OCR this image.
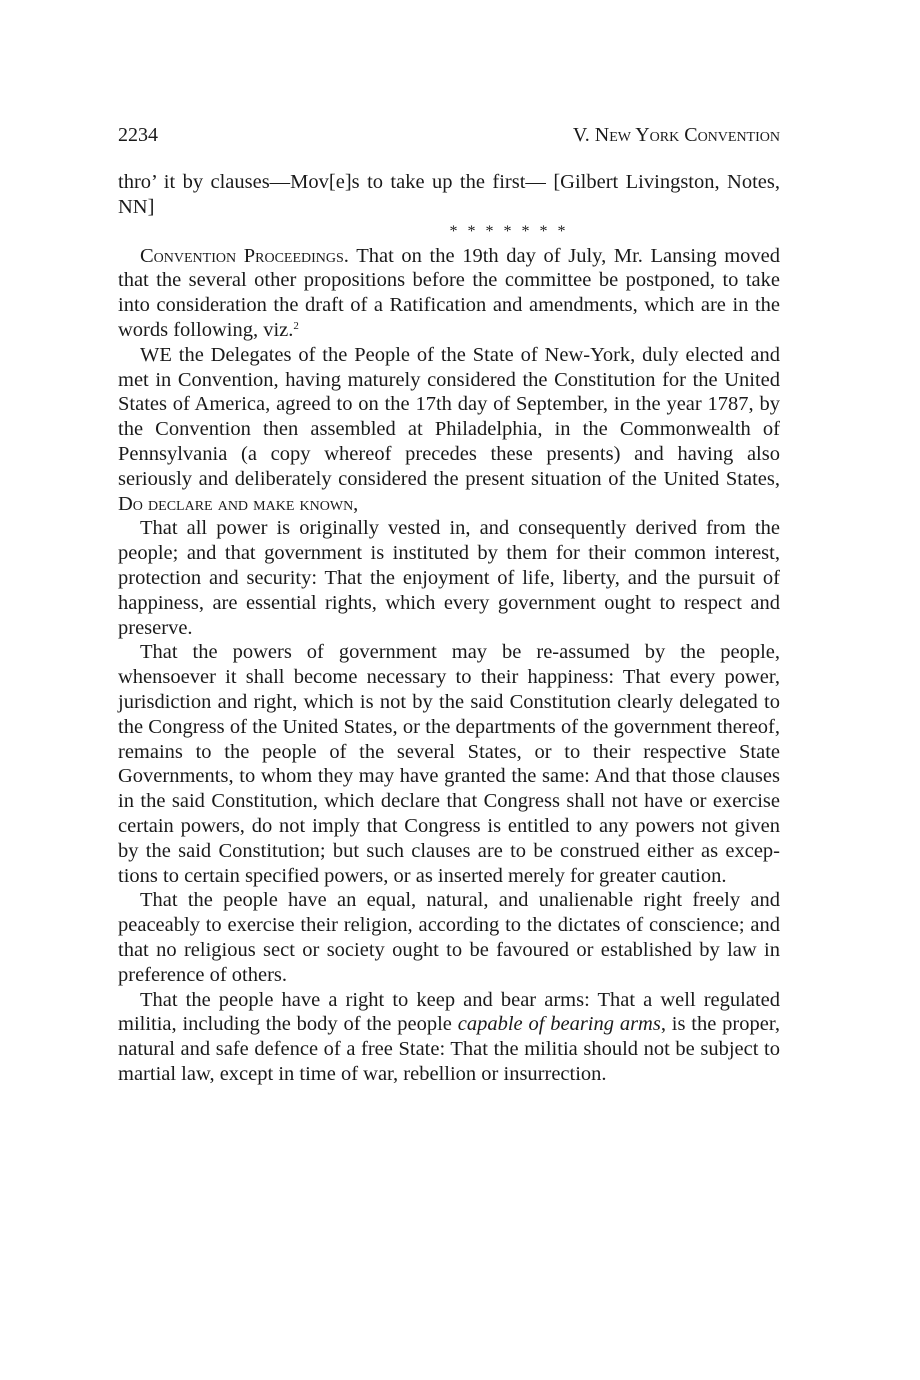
2234	V. New York Convention

thro’ it by clauses—Mov[e]s to take up the first— [Gilbert Livingston, Notes, NN]

* * * * * * *

Convention Proceedings. That on the 19th day of July, Mr. Lansing moved that the several other propositions before the committee be postponed, to take into consideration the draft of a Ratification and amendments, which are in the words following, viz.$^2$

WE the Delegates of the People of the State of New-York, duly elected and met in Convention, having maturely considered the Constitution for the United States of America, agreed to on the 17th day of September, in the year 1787, by the Convention then assembled at Philadelphia, in the Commonwealth of Pennsylvania (a copy whereof precedes these presents) and having also seriously and deliberately considered the present situation of the United States, Do declare and make known,

That all power is originally vested in, and consequently derived from the people; and that government is instituted by them for their common interest, protection and security: That the enjoyment of life, liberty, and the pursuit of happiness, are essential rights, which every government ought to respect and preserve.

That the powers of government may be re-assumed by the people, whensoever it shall become necessary to their happiness: That every power, jurisdiction and right, which is not by the said Constitution clearly delegated to the Congress of the United States, or the departments of the government thereof, remains to the people of the several States, or to their respective State Governments, to whom they may have granted the same: And that those clauses in the said Constitution, which declare that Congress shall not have or exercise certain powers, do not imply that Congress is entitled to any powers not given by the said Constitution; but such clauses are to be construed either as exceptions to certain specified powers, or as inserted merely for greater caution.

That the people have an equal, natural, and unalienable right freely and peaceably to exercise their religion, according to the dictates of conscience; and that no religious sect or society ought to be favoured or established by law in preference of others.

That the people have a right to keep and bear arms: That a well regulated militia, including the body of the people capable of bearing arms, is the proper, natural and safe defence of a free State: That the militia should not be subject to martial law, except in time of war, rebellion or insurrection.
